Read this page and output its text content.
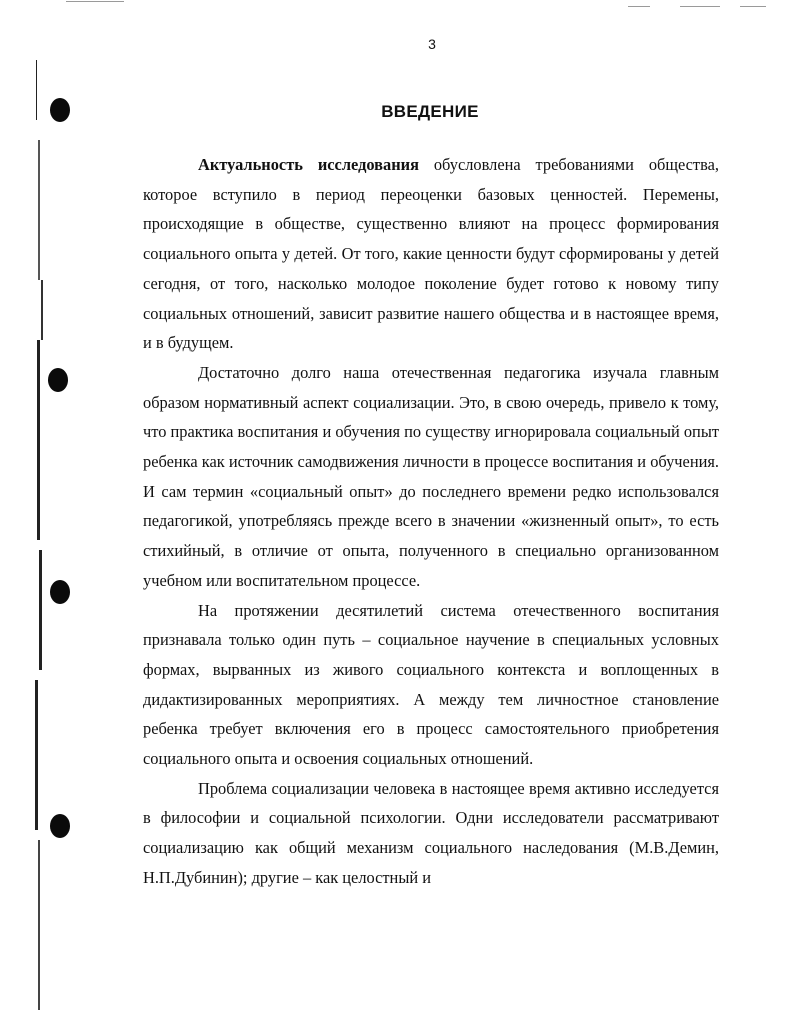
3
ВВЕДЕНИЕ

Актуальность исследования обусловлена требованиями общества, которое вступило в период переоценки базовых ценностей. Перемены, происходящие в обществе, существенно влияют на процесс формирования социального опыта у детей. От того, какие ценности будут сформированы у детей сегодня, от того, насколько молодое поколение будет готово к новому типу социальных отношений, зависит развитие нашего общества и в настоящее время, и в будущем.

Достаточно долго наша отечественная педагогика изучала главным образом нормативный аспект социализации. Это, в свою очередь, привело к тому, что практика воспитания и обучения по существу игнорировала социальный опыт ребенка как источник самодвижения личности в процессе воспитания и обучения. И сам термин «социальный опыт» до последнего времени редко использовался педагогикой, употребляясь прежде всего в значении «жизненный опыт», то есть стихийный, в отличие от опыта, полученного в специально организованном учебном или воспитательном процессе.

На протяжении десятилетий система отечественного воспитания признавала только один путь – социальное научение в специальных условных формах, вырванных из живого социального контекста и воплощенных в дидактизированных мероприятиях. А между тем личностное становление ребенка требует включения его в процесс самостоятельного приобретения социального опыта и освоения социальных отношений.

Проблема социализации человека в настоящее время активно исследуется в философии и социальной психологии. Одни исследователи рассматривают социализацию как общий механизм социального наследования (М.В.Демин, Н.П.Дубинин); другие – как целостный и
